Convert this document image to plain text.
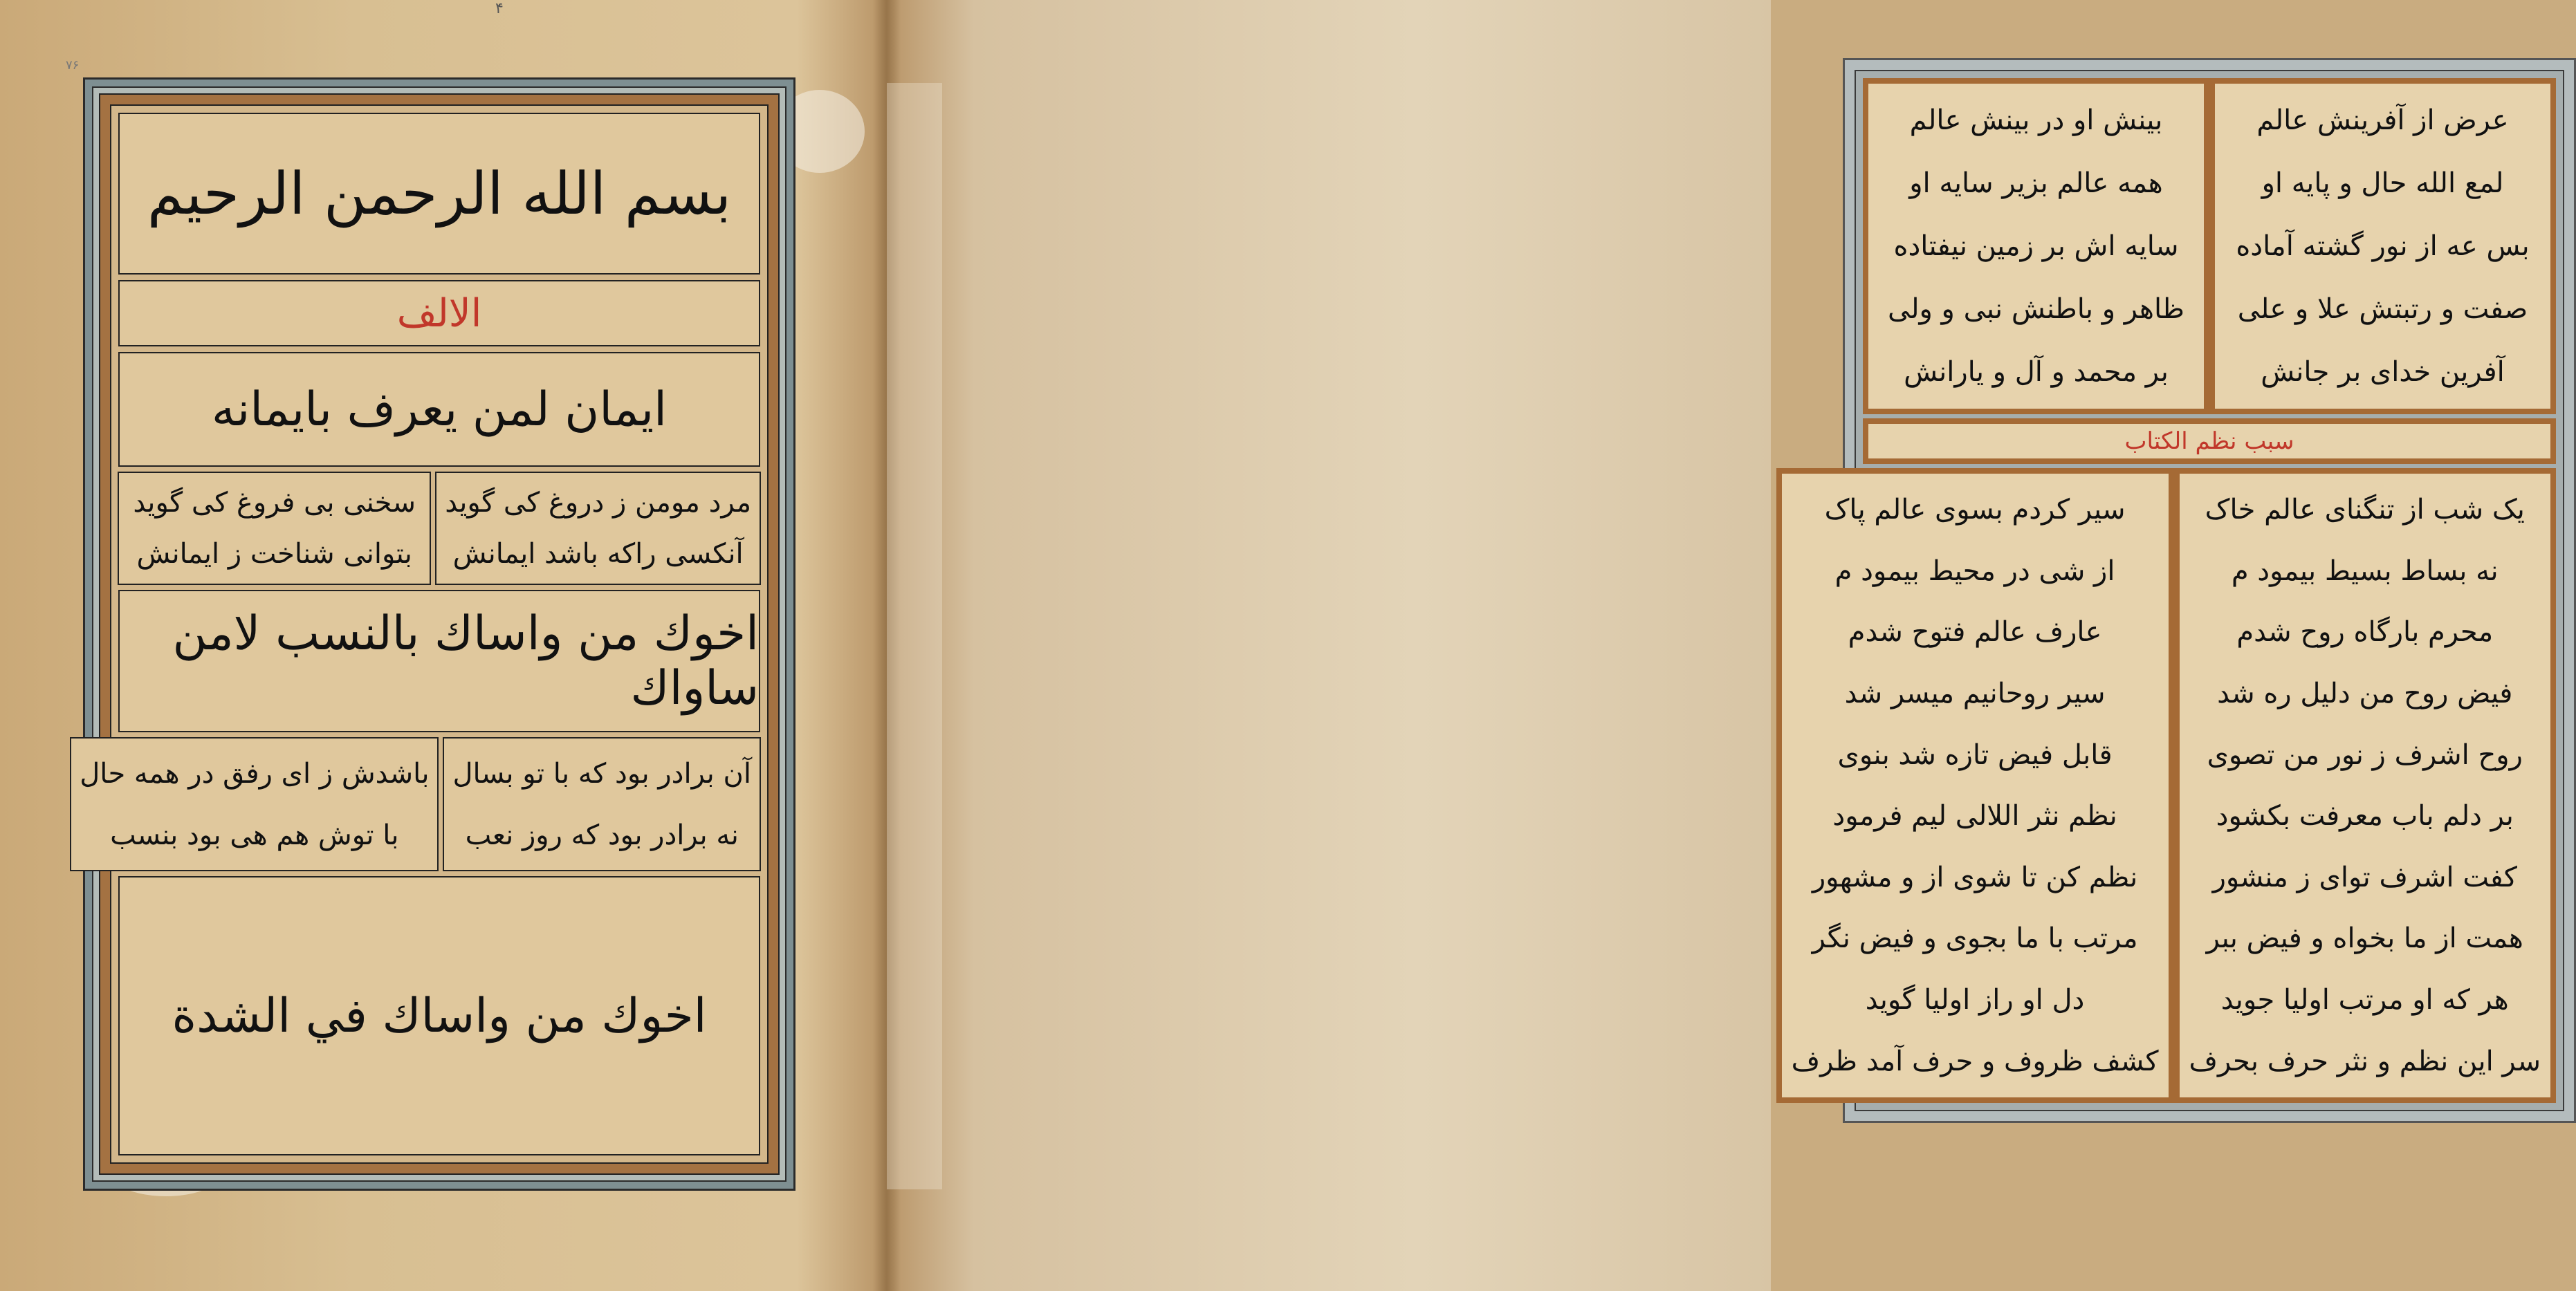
۴
۷۶
بسم الله الرحمن الرحيم
الالف
ایمان لمن یعرف بایمانه
مرد مومن ز دروغ کی گوید
آنکسی راکه باشد ایمانش
سخنی بی فروغ کی گوید
بتوانی شناخت ز ایمانش
اخوك من واساك بالنسب لامن ساواك
آن برادر بود که با تو بسال
نه برادر بود که روز نعب
باشدش ز ای رفق در همه حال
با توش هم هی بود بنسب
اخوك من واساك في الشدة
عرض از آفرینش عالم
لمع الله حال و پایه او
بس عه از نور گشته آماده
صفت و رتبتش علا و علی
آفرین خدای بر جانش
بینش او در بینش عالم
همه عالم بزیر سایه او
سایه اش بر زمین نیفتاده
ظاهر و باطنش نبی و ولی
بر محمد و آل و یارانش
سبب نظم الکتاب
یک شب از تنگنای عالم خاک
نه بساط بسیط بیمود م
محرم بارگاه روح شدم
فیض روح من دلیل ره شد
روح اشرف ز نور من تصوی
بر دلم باب معرفت بکشود
کفت اشرف توای ز منشور
همت از ما بخواه و فیض ببر
هر که او مرتب اولیا جوید
سر این نظم و نثر حرف بحرف
سیر کردم بسوی عالم پاک
از شی در محیط بیمود م
عارف عالم فتوح شدم
سیر روحانیم میسر شد
قابل فیض تازه شد بنوی
نظم نثر اللالی لیم فرمود
نظم کن تا شوی از و مشهور
مرتب با ما بجوی و فیض نگر
دل او راز اولیا گوید
کشف ظروف و حرف آمد ظرف
